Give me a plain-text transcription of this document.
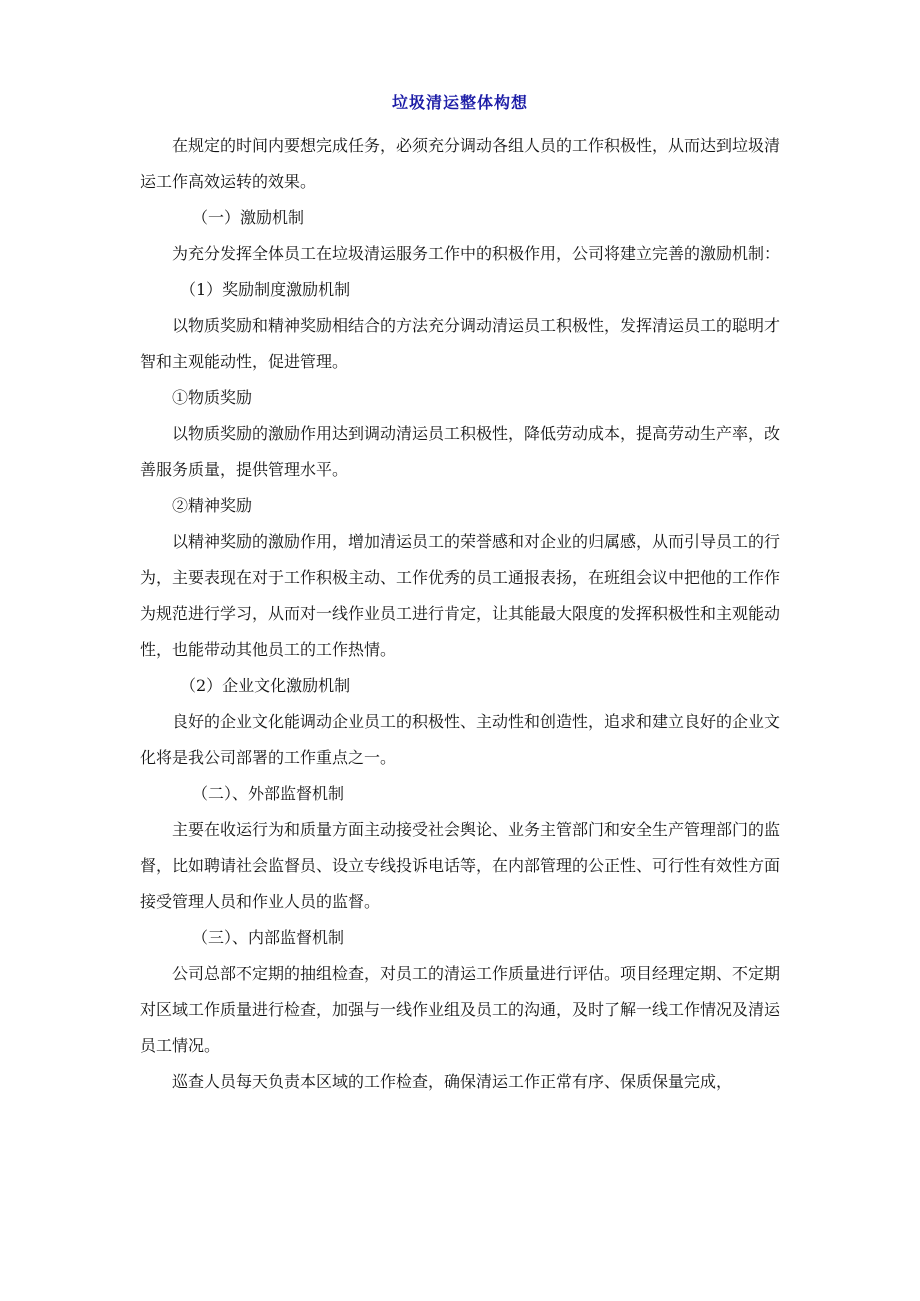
垃圾清运整体构想

在规定的时间内要想完成任务，必须充分调动各组人员的工作积极性，从而达到垃圾清运工作高效运转的效果。

（一）激励机制

为充分发挥全体员工在垃圾清运服务工作中的积极作用，公司将建立完善的激励机制：

（1）奖励制度激励机制

以物质奖励和精神奖励相结合的方法充分调动清运员工积极性，发挥清运员工的聪明才智和主观能动性，促进管理。

①物质奖励

以物质奖励的激励作用达到调动清运员工积极性，降低劳动成本，提高劳动生产率，改善服务质量，提供管理水平。

②精神奖励

以精神奖励的激励作用，增加清运员工的荣誉感和对企业的归属感，从而引导员工的行为，主要表现在对于工作积极主动、工作优秀的员工通报表扬，在班组会议中把他的工作作为规范进行学习，从而对一线作业员工进行肯定，让其能最大限度的发挥积极性和主观能动性，也能带动其他员工的工作热情。

（2）企业文化激励机制

良好的企业文化能调动企业员工的积极性、主动性和创造性，追求和建立良好的企业文化将是我公司部署的工作重点之一。

（二）、外部监督机制

主要在收运行为和质量方面主动接受社会舆论、业务主管部门和安全生产管理部门的监督，比如聘请社会监督员、设立专线投诉电话等，在内部管理的公正性、可行性有效性方面接受管理人员和作业人员的监督。

（三）、内部监督机制

公司总部不定期的抽组检查，对员工的清运工作质量进行评估。项目经理定期、不定期对区域工作质量进行检查，加强与一线作业组及员工的沟通，及时了解一线工作情况及清运员工情况。

巡查人员每天负责本区域的工作检查，确保清运工作正常有序、保质保量完成，
